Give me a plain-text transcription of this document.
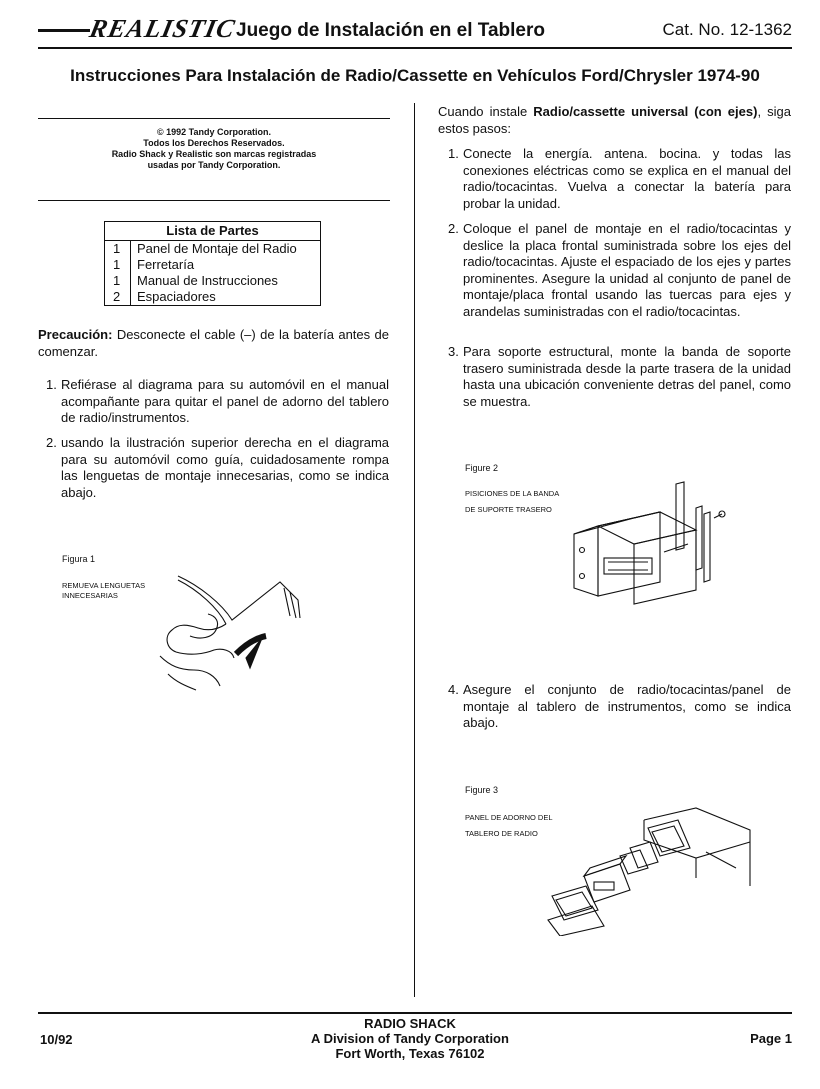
REALISTIC
Juego de Instalación en el Tablero	Cat. No. 12-1362
Instrucciones Para Instalación de Radio/Cassette en Vehículos Ford/Chrysler 1974-90
© 1992 Tandy Corporation.
Todos los Derechos Reservados.
Radio Shack y Realistic son marcas registradas
usadas por Tandy Corporation.
Lista de Partes	
1	Panel de Montaje del Radio
1	Ferretaría
1	Manual de Instrucciones
2	Espaciadores
Precaución: Desconecte el cable (–) de la batería antes de comenzar.
1. Refiérase al diagrama para su automóvil en el manual acompañante para quitar el panel de adorno del tablero de radio/instrumentos.
2. usando la ilustración superior derecha en el diagrama para su automóvil como guía, cuidadosamente rompa las lenguetas de montaje innecesarias, como se indica abajo.
Figura 1
REMUEVA LENGUETAS
INNECESARIAS
Cuando instale Radio/cassette universal (con ejes), siga estos pasos:
1. Conecte la energía. antena. bocina. y todas las conexiones eléctricas como se explica en el manual del radio/tocacintas. Vuelva a conectar la batería para probar la unidad.
2. Coloque el panel de montaje en el radio/tocacintas y deslice la placa frontal suministrada sobre los ejes del radio/tocacintas. Ajuste el espaciado de los ejes y partes prominentes. Asegure la unidad al conjunto de panel de montaje/placa frontal usando las tuercas para ejes y arandelas suministradas con el radio/tocacintas.
3. Para soporte estructural, monte la banda de soporte trasero suministrada desde la parte trasera de la unidad hasta una ubicación conveniente detras del panel, como se muestra.
Figure 2
PISICIONES DE LA BANDA
DE SUPORTE TRASERO
4. Asegure el conjunto de radio/tocacintas/panel de montaje al tablero de instrumentos, como se indica abajo.
Figure 3
PANEL DE ADORNO DEL
TABLERO DE RADIO
10/92
RADIO SHACK
A Division of Tandy Corporation
Fort Worth, Texas 76102
Page 1
